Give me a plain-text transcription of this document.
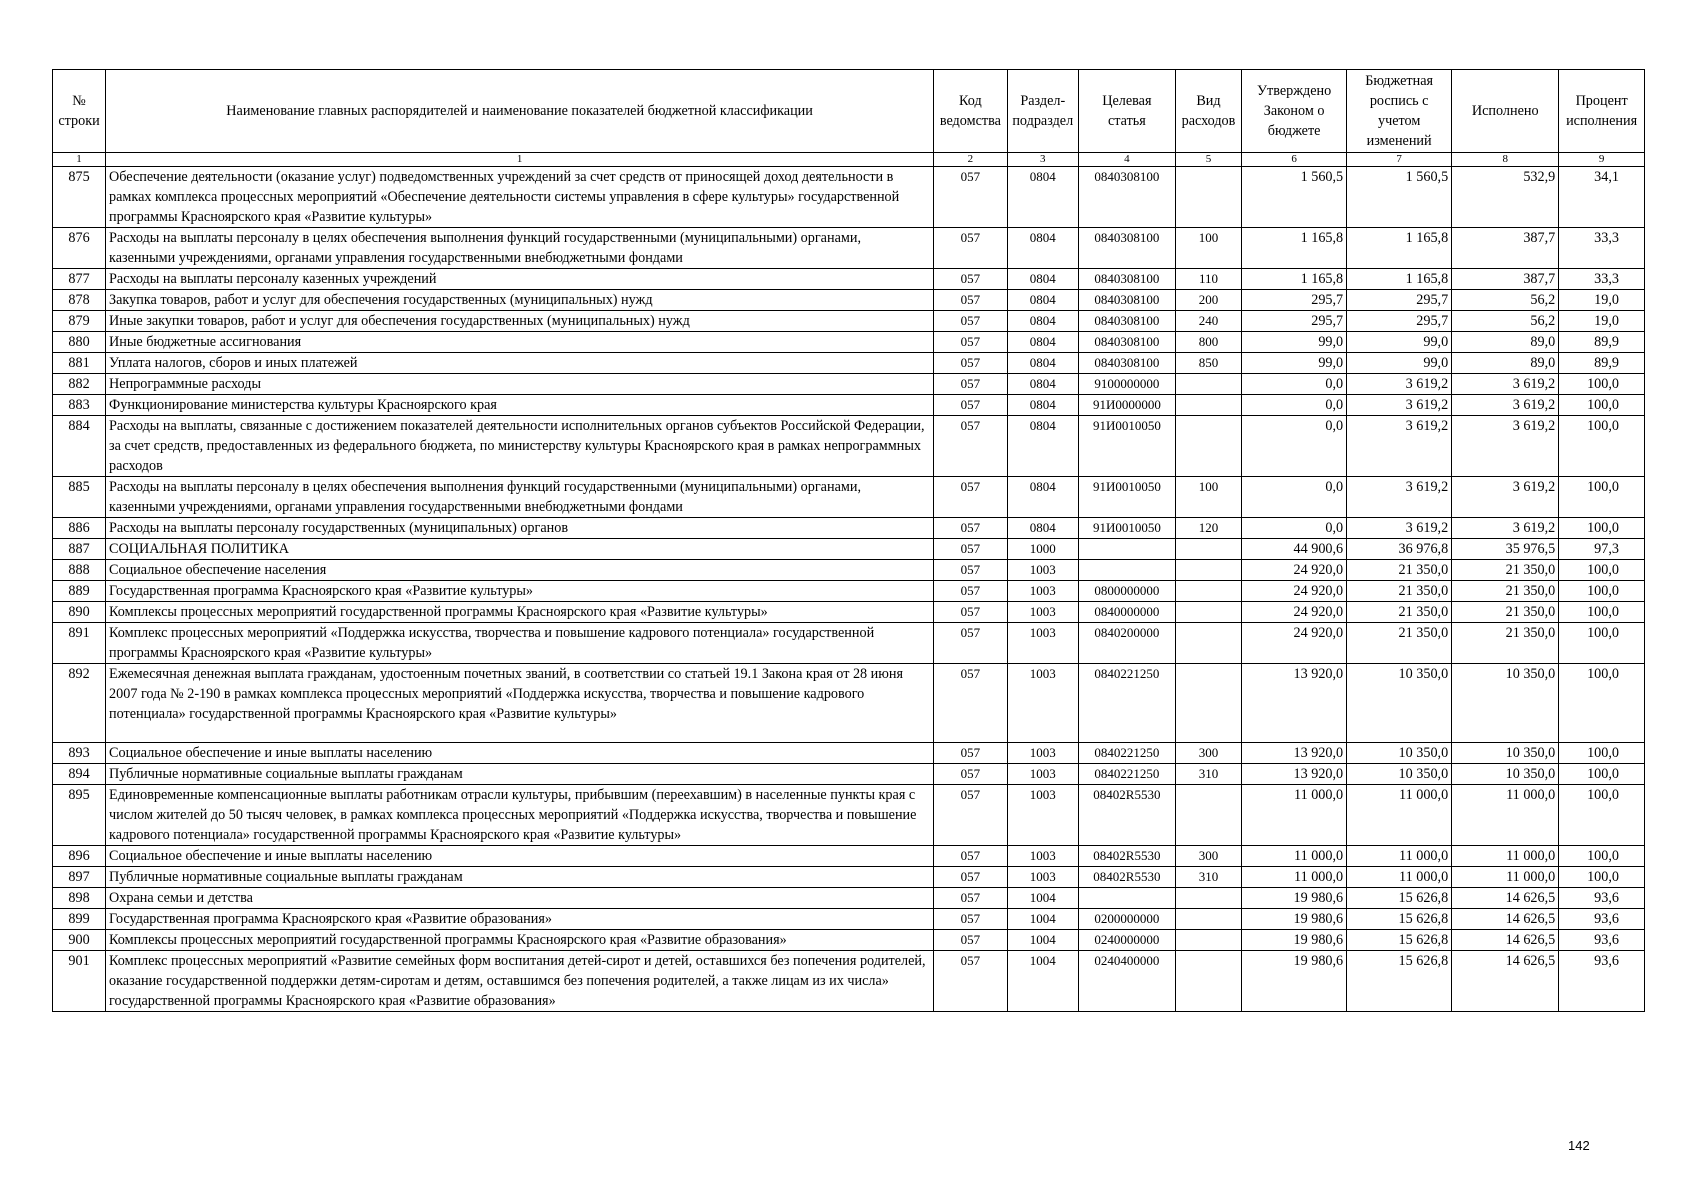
№ строки	Наименование главных распорядителей и наименование показателей бюджетной классификации	Код ведомства	Раздел-подраздел	Целевая статья	Вид расходов	Утверждено Законом о бюджете	Бюджетная роспись с учетом изменений	Исполнено	Процент исполнения
1	1	2	3	4	5	6	7	8	9
875	Обеспечение деятельности (оказание услуг) подведомственных учреждений за счет средств от приносящей доход деятельности в рамках комплекса процессных мероприятий «Обеспечение деятельности системы управления в сфере культуры» государственной программы Красноярского края «Развитие культуры»	057	0804	0840308100		1 560,5	1 560,5	532,9	34,1
876	Расходы на выплаты персоналу в целях обеспечения выполнения функций государственными (муниципальными) органами, казенными учреждениями, органами управления государственными внебюджетными фондами	057	0804	0840308100	100	1 165,8	1 165,8	387,7	33,3
877	Расходы на выплаты персоналу казенных учреждений	057	0804	0840308100	110	1 165,8	1 165,8	387,7	33,3
878	Закупка товаров, работ и услуг для обеспечения государственных (муниципальных) нужд	057	0804	0840308100	200	295,7	295,7	56,2	19,0
879	Иные закупки товаров, работ и услуг для обеспечения государственных (муниципальных) нужд	057	0804	0840308100	240	295,7	295,7	56,2	19,0
880	Иные бюджетные ассигнования	057	0804	0840308100	800	99,0	99,0	89,0	89,9
881	Уплата налогов, сборов и иных платежей	057	0804	0840308100	850	99,0	99,0	89,0	89,9
882	Непрограммные расходы	057	0804	9100000000		0,0	3 619,2	3 619,2	100,0
883	Функционирование министерства культуры Красноярского края	057	0804	91И0000000		0,0	3 619,2	3 619,2	100,0
884	Расходы на выплаты, связанные с достижением показателей деятельности исполнительных органов субъектов Российской Федерации, за счет средств, предоставленных из федерального бюджета, по министерству культуры Красноярского края в рамках непрограммных расходов	057	0804	91И0010050		0,0	3 619,2	3 619,2	100,0
885	Расходы на выплаты персоналу в целях обеспечения выполнения функций государственными (муниципальными) органами, казенными учреждениями, органами управления государственными внебюджетными фондами	057	0804	91И0010050	100	0,0	3 619,2	3 619,2	100,0
886	Расходы на выплаты персоналу государственных (муниципальных) органов	057	0804	91И0010050	120	0,0	3 619,2	3 619,2	100,0
887	СОЦИАЛЬНАЯ ПОЛИТИКА	057	1000			44 900,6	36 976,8	35 976,5	97,3
888	Социальное обеспечение населения	057	1003			24 920,0	21 350,0	21 350,0	100,0
889	Государственная программа Красноярского края «Развитие культуры»	057	1003	0800000000		24 920,0	21 350,0	21 350,0	100,0
890	Комплексы процессных мероприятий государственной программы Красноярского края «Развитие культуры»	057	1003	0840000000		24 920,0	21 350,0	21 350,0	100,0
891	Комплекс процессных мероприятий «Поддержка искусства, творчества и повышение кадрового потенциала» государственной программы Красноярского края «Развитие культуры»	057	1003	0840200000		24 920,0	21 350,0	21 350,0	100,0
892	Ежемесячная денежная выплата гражданам, удостоенным почетных званий, в соответствии со статьей 19.1 Закона края от 28 июня 2007 года № 2-190 в рамках комплекса процессных мероприятий «Поддержка искусства, творчества и повышение кадрового потенциала» государственной программы Красноярского края «Развитие культуры»	057	1003	0840221250		13 920,0	10 350,0	10 350,0	100,0
893	Социальное обеспечение и иные выплаты населению	057	1003	0840221250	300	13 920,0	10 350,0	10 350,0	100,0
894	Публичные нормативные социальные выплаты гражданам	057	1003	0840221250	310	13 920,0	10 350,0	10 350,0	100,0
895	Единовременные компенсационные выплаты работникам отрасли культуры, прибывшим (переехавшим) в населенные пункты края с числом жителей до 50 тысяч человек, в рамках комплекса процессных мероприятий «Поддержка искусства, творчества и повышение кадрового потенциала» государственной программы Красноярского края «Развитие культуры»	057	1003	08402R5530		11 000,0	11 000,0	11 000,0	100,0
896	Социальное обеспечение и иные выплаты населению	057	1003	08402R5530	300	11 000,0	11 000,0	11 000,0	100,0
897	Публичные нормативные социальные выплаты гражданам	057	1003	08402R5530	310	11 000,0	11 000,0	11 000,0	100,0
898	Охрана семьи и детства	057	1004			19 980,6	15 626,8	14 626,5	93,6
899	Государственная программа Красноярского края «Развитие образования»	057	1004	0200000000		19 980,6	15 626,8	14 626,5	93,6
900	Комплексы процессных мероприятий государственной программы Красноярского края «Развитие образования»	057	1004	0240000000		19 980,6	15 626,8	14 626,5	93,6
901	Комплекс процессных мероприятий «Развитие семейных форм воспитания детей-сирот и детей, оставшихся без попечения родителей, оказание государственной поддержки детям-сиротам и детям, оставшимся без попечения родителей, а также лицам из их числа» государственной программы Красноярского края «Развитие образования»	057	1004	0240400000		19 980,6	15 626,8	14 626,5	93,6
142
